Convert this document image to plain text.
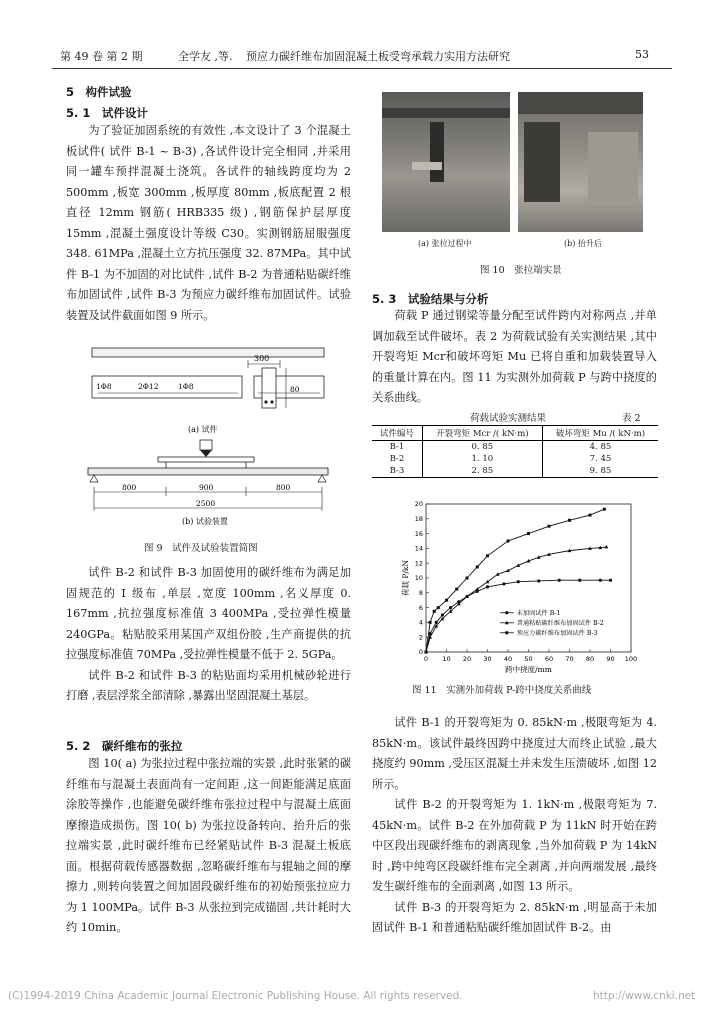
第 49 卷 第 2 期	全学友 ,等. 预应力碳纤维布加固混凝土板受弯承载力实用方法研究	53
5　构件试验
5. 1　试件设计

为了验证加固系统的有效性 ,本文设计了 3 个混凝土板试件( 试件 B-1 ~ B-3) ,各试件设计完全相同 ,并采用同一罐车预拌混凝土浇筑。各试件的轴线跨度均为 2 500mm ,板宽 300mm ,板厚度 80mm ,板底配置 2 根直径 12mm 钢筋( HRB335 级) ,钢筋保护层厚度 15mm ,混凝土强度设计等级 C30。实测钢筋屈服强度 348. 61MPa ,混凝土立方抗压强度 32. 87MPa。其中试件 B-1 为不加固的对比试件 ,试件 B-2 为普通粘贴碳纤维布加固试件 ,试件 B-3 为预应力碳纤维布加固试件。试验装置及试件截面如图 9 所示。

300
80
1Φ8	2Φ12	1Φ8
(a) 试件
800	900	800
2500
(b) 试验装置
图 9　试件及试验装置简图

试件 B-2 和试件 B-3 加固使用的碳纤维布为满足加固规范的 Ⅰ 级布 ,单层 ,宽度 100mm ,名义厚度 0. 167mm ,抗拉强度标准值 3 400MPa ,受拉弹性模量 240GPa。粘贴胶采用某国产双组份胶 ,生产商提供的抗拉强度标准值 70MPa ,受拉弹性模量不低于 2. 5GPa。

试件 B-2 和试件 B-3 的粘贴面均采用机械砂轮进行打磨 ,表层浮浆全部清除 ,暴露出坚固混凝土基层。

5. 2　碳纤维布的张拉

图 10( a) 为张拉过程中张拉端的实景 ,此时张紧的碳纤维布与混凝土表面尚有一定间距 ,这一间距能满足底面涂胶等操作 ,也能避免碳纤维布张拉过程中与混凝土底面摩擦造成损伤。图 10( b) 为张拉设备转向、抬升后的张拉端实景 ,此时碳纤维布已经紧贴试件 B-3 混凝土板底面。根据荷载传感器数据 ,忽略碳纤维布与辊轴之间的摩擦力 ,则转向装置之间加固段碳纤维布的初始预张拉应力为 1 100MPa。试件 B-3 从张拉到完成锚固 ,共计耗时大约 10min。

(a) 张拉过程中	(b) 抬升后
图 10　张拉端实景
5. 3　试验结果与分析

荷载 P 通过钢梁等量分配至试件跨内对称两点 ,并单调加载至试件破坏。表 2 为荷载试验有关实测结果 ,其中开裂弯矩 Mcr和破坏弯矩 Mu 已将自重和加载装置导入的重量计算在内。图 11 为实测外加荷载 P 与跨中挠度的关系曲线。

荷载试验实测结果	表 2
试件编号	开裂弯矩 Mcr /( kN·m)	破坏弯矩 Mu /( kN·m)
B-1	0. 85	4. 85
B-2	1. 10	7. 45
B-3	2. 85	9. 85
0 10 20 30 40 50 60 70 80 90 100
0
2
4
6
8
10
12
14
16
18
20
跨中挠度/mm
荷载 P/kN
未加固试件 B-1
普通粘贴碳纤维布加固试件 B-2
预应力碳纤维布加固试件 B-3
图 11　实测外加荷载 P-跨中挠度关系曲线

试件 B-1 的开裂弯矩为 0. 85kN·m ,极限弯矩为 4. 85kN·m。该试件最终因跨中挠度过大而终止试验 ,最大挠度约 90mm ,受压区混凝土并未发生压溃破坏 ,如图 12 所示。

试件 B-2 的开裂弯矩为 1. 1kN·m ,极限弯矩为 7. 45kN·m。试件 B-2 在外加荷载 P 为 11kN 时开始在跨中区段出现碳纤维布的剥离现象 ,当外加荷载 P 为 14kN 时 ,跨中纯弯区段碳纤维布完全剥离 ,并向两端发展 ,最终发生碳纤维布的全面剥离 ,如图 13 所示。

试件 B-3 的开裂弯矩为 2. 85kN·m ,明显高于未加固试件 B-1 和普通粘贴碳纤维加固试件 B-2。由

(C)1994-2019 China Academic Journal Electronic Publishing House. All rights reserved.	http://www.cnki.net
